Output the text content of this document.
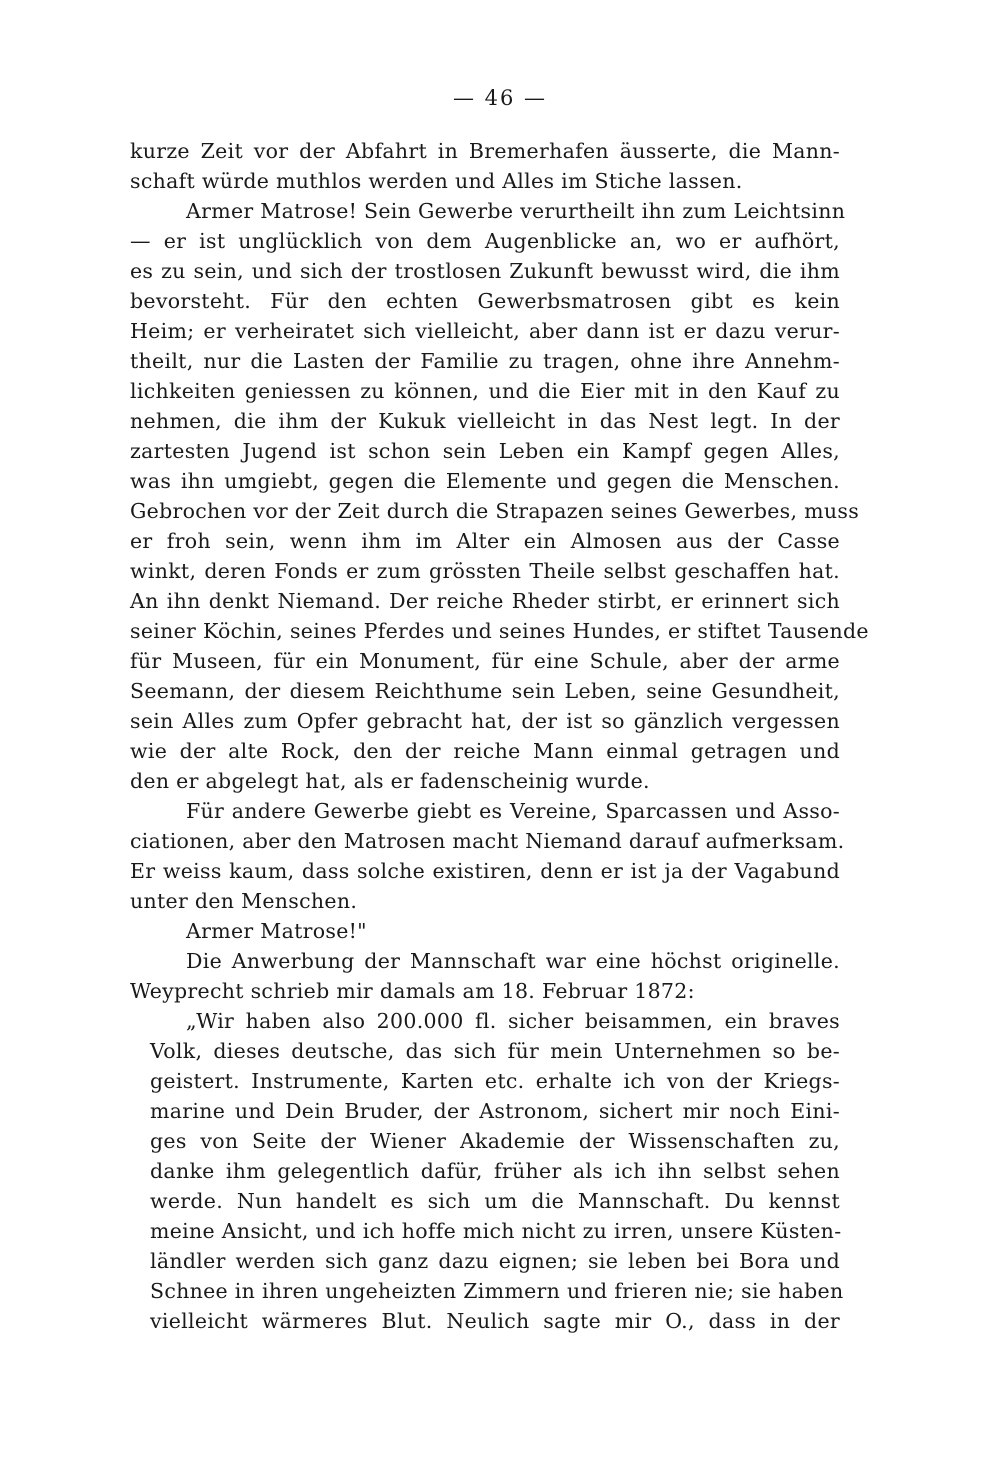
— 46 —
kurze Zeit vor der Abfahrt in Bremerhafen äusserte, die Mann-
schaft würde muthlos werden und Alles im Stiche lassen.
Armer Matrose! Sein Gewerbe verurtheilt ihn zum Leichtsinn
— er ist unglücklich von dem Augenblicke an, wo er aufhört,
es zu sein, und sich der trostlosen Zukunft bewusst wird, die ihm
bevorsteht. Für den echten Gewerbsmatrosen gibt es kein
Heim; er verheiratet sich vielleicht, aber dann ist er dazu verur-
theilt, nur die Lasten der Familie zu tragen, ohne ihre Annehm-
lichkeiten geniessen zu können, und die Eier mit in den Kauf zu
nehmen, die ihm der Kukuk vielleicht in das Nest legt. In der
zartesten Jugend ist schon sein Leben ein Kampf gegen Alles,
was ihn umgiebt, gegen die Elemente und gegen die Menschen.
Gebrochen vor der Zeit durch die Strapazen seines Gewerbes, muss
er froh sein, wenn ihm im Alter ein Almosen aus der Casse
winkt, deren Fonds er zum grössten Theile selbst geschaffen hat.
An ihn denkt Niemand. Der reiche Rheder stirbt, er erinnert sich
seiner Köchin, seines Pferdes und seines Hundes, er stiftet Tausende
für Museen, für ein Monument, für eine Schule, aber der arme
Seemann, der diesem Reichthume sein Leben, seine Gesundheit,
sein Alles zum Opfer gebracht hat, der ist so gänzlich vergessen
wie der alte Rock, den der reiche Mann einmal getragen und
den er abgelegt hat, als er fadenscheinig wurde.
Für andere Gewerbe giebt es Vereine, Sparcassen und Asso-
ciationen, aber den Matrosen macht Niemand darauf aufmerksam.
Er weiss kaum, dass solche existiren, denn er ist ja der Vagabund
unter den Menschen.
Armer Matrose!"
Die Anwerbung der Mannschaft war eine höchst originelle.
Weyprecht schrieb mir damals am 18. Februar 1872:
„Wir haben also 200.000 fl. sicher beisammen, ein braves
Volk, dieses deutsche, das sich für mein Unternehmen so be-
geistert. Instrumente, Karten etc. erhalte ich von der Kriegs-
marine und Dein Bruder, der Astronom, sichert mir noch Eini-
ges von Seite der Wiener Akademie der Wissenschaften zu,
danke ihm gelegentlich dafür, früher als ich ihn selbst sehen
werde. Nun handelt es sich um die Mannschaft. Du kennst
meine Ansicht, und ich hoffe mich nicht zu irren, unsere Küsten-
ländler werden sich ganz dazu eignen; sie leben bei Bora und
Schnee in ihren ungeheizten Zimmern und frieren nie; sie haben
vielleicht wärmeres Blut. Neulich sagte mir O., dass in der
